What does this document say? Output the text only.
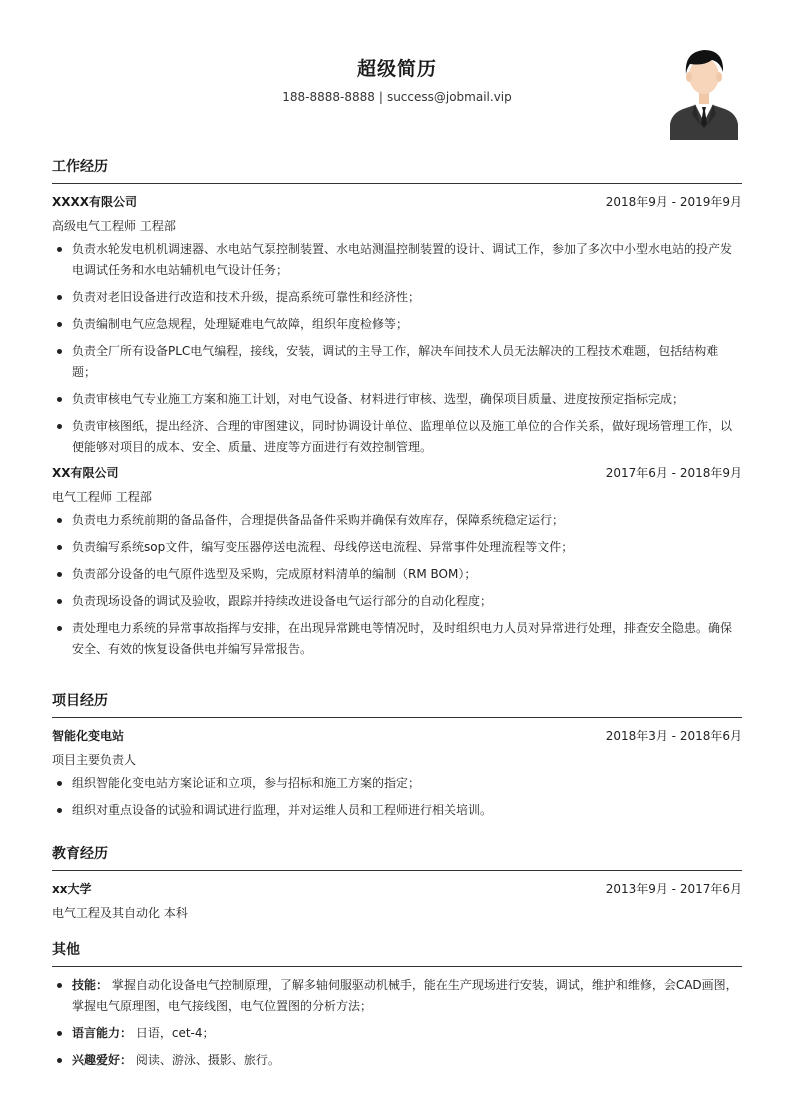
超级简历
188-8888-8888 | success@jobmail.vip
工作经历
XXXX有限公司	2018年9月 - 2019年9月
高级电气工程师 工程部
负责水轮发电机机调速器、水电站气泵控制装置、水电站测温控制装置的设计、调试工作，参加了多次中小型水电站的投产发电调试任务和水电站辅机电气设计任务；
负责对老旧设备进行改造和技术升级，提高系统可靠性和经济性；
负责编制电气应急规程，处理疑难电气故障，组织年度检修等；
负责全厂所有设备PLC电气编程，接线，安装，调试的主导工作，解决车间技术人员无法解决的工程技术难题，包括结构难题；
负责审核电气专业施工方案和施工计划，对电气设备、材料进行审核、选型，确保项目质量、进度按预定指标完成；
负责审核图纸，提出经济、合理的审图建议，同时协调设计单位、监理单位以及施工单位的合作关系，做好现场管理工作，以便能够对项目的成本、安全、质量、进度等方面进行有效控制管理。
XX有限公司	2017年6月 - 2018年9月
电气工程师 工程部
负责电力系统前期的备品备件，合理提供备品备件采购并确保有效库存，保障系统稳定运行；
负责编写系统sop文件，编写变压器停送电流程、母线停送电流程、异常事件处理流程等文件；
负责部分设备的电气原件选型及采购，完成原材料清单的编制（RM BOM）；
负责现场设备的调试及验收，跟踪并持续改进设备电气运行部分的自动化程度；
责处理电力系统的异常事故指挥与安排，在出现异常跳电等情况时，及时组织电力人员对异常进行处理，排查安全隐患。确保安全、有效的恢复设备供电并编写异常报告。
项目经历
智能化变电站	2018年3月 - 2018年6月
项目主要负责人
组织智能化变电站方案论证和立项，参与招标和施工方案的指定；
组织对重点设备的试验和调试进行监理，并对运维人员和工程师进行相关培训。
教育经历
xx大学	2013年9月 - 2017年6月
电气工程及其自动化 本科
其他
技能： 掌握自动化设备电气控制原理，了解多轴伺服驱动机械手，能在生产现场进行安装，调试，维护和维修，会CAD画图，掌握电气原理图，电气接线图，电气位置图的分析方法；
语言能力： 日语，cet-4；
兴趣爱好： 阅读、游泳、摄影、旅行。
